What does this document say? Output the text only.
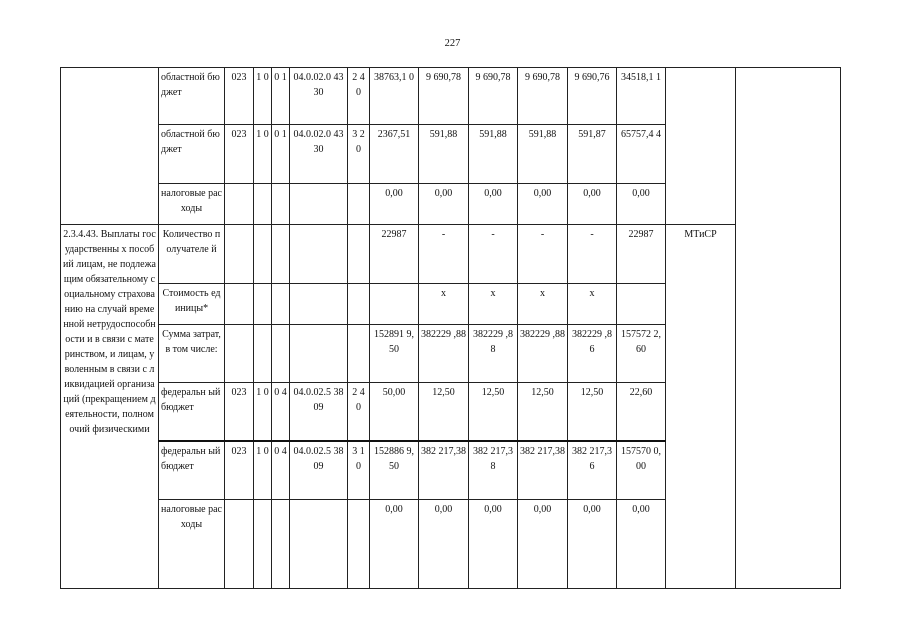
227
	областной бюджет	023	1 0	0 1	04.0.02.0 4330	2 4 0	38763,1 0	9 690,78	9 690,78	9 690,78	9 690,76	34518,1 1		
	областной бюджет	023	1 0	0 1	04.0.02.0 4330	3 2 0	2367,51	591,88	591,88	591,88	591,87	65757,4 4		
	налоговые расходы						0,00	0,00	0,00	0,00	0,00	0,00		
2.3.4.43. Выплаты государственны х пособий лицам, не подлежащим обязательному социальному страхованию на случай временной нетрудоспособн ости и в связи с материнством, и лицам, уволенным в связи с ликвидацией организаций (прекращением деятельности, полномочий физическими	Количество получателе й						22987	-	-	-	-	22987	МТиСР	
	Стоимость единицы*							х	х	х	х			
	Сумма затрат, в том числе:						152891 9,50	382229 ,88	382229 ,88	382229 ,88	382229 ,86	157572 2,60		
	федеральн ый бюджет	023	1 0	0 4	04.0.02.5 3809	2 4 0	50,00	12,50	12,50	12,50	12,50	22,60		
	федеральн ый бюджет	023	1 0	0 4	04.0.02.5 3809	3 1 0	152886 9,50	382 217,38	382 217,38	382 217,38	382 217,36	157570 0,00		
	налоговые расходы						0,00	0,00	0,00	0,00	0,00	0,00		
